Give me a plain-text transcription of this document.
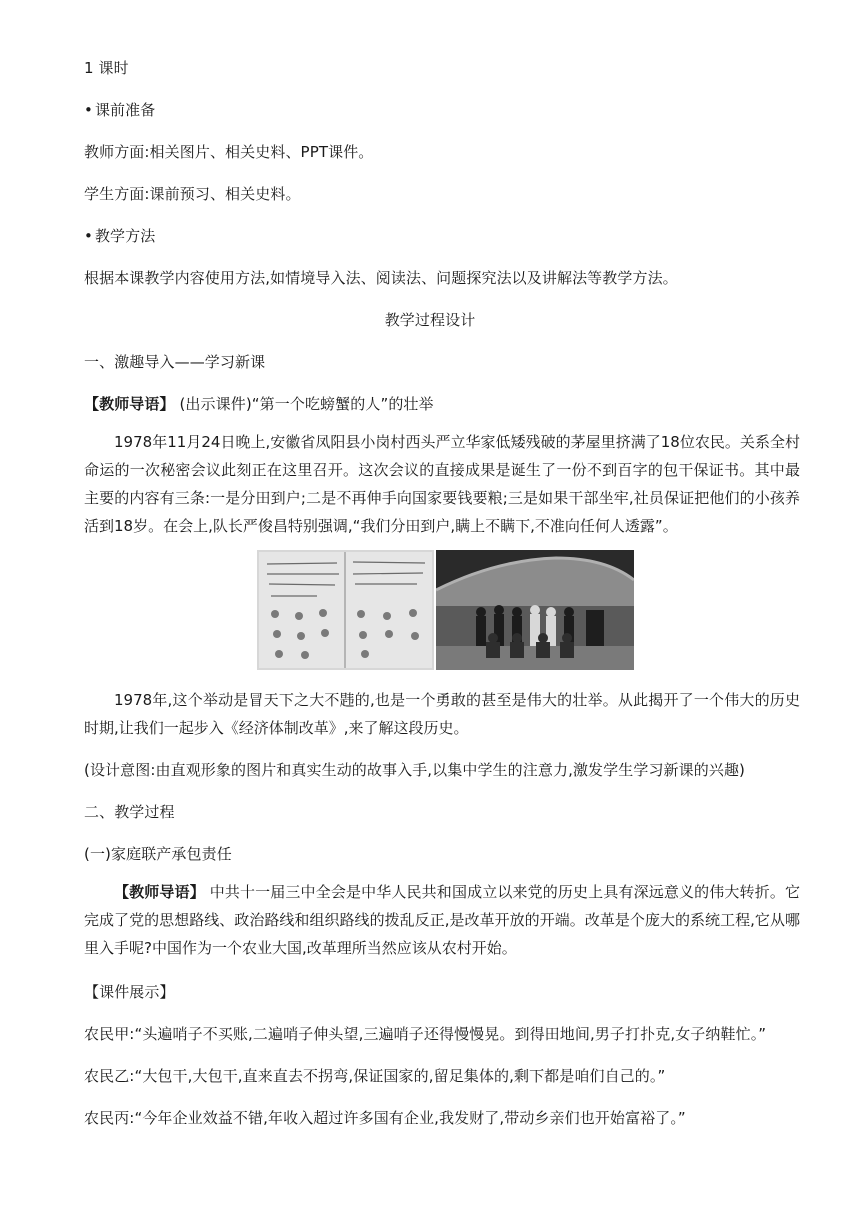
1 课时
• 课前准备
教师方面:相关图片、相关史料、PPT课件。
学生方面:课前预习、相关史料。
• 教学方法
根据本课教学内容使用方法,如情境导入法、阅读法、问题探究法以及讲解法等教学方法。
教学过程设计
一、激趣导入——学习新课
【教师导语】 (出示课件)“第一个吃螃蟹的人”的壮举
1978年11月24日晚上,安徽省凤阳县小岗村西头严立华家低矮残破的茅屋里挤满了18位农民。关系全村命运的一次秘密会议此刻正在这里召开。这次会议的直接成果是诞生了一份不到百字的包干保证书。其中最主要的内容有三条:一是分田到户;二是不再伸手向国家要钱要粮;三是如果干部坐牢,社员保证把他们的小孩养活到18岁。在会上,队长严俊昌特别强调,“我们分田到户,瞒上不瞒下,不准向任何人透露”。
1978年,这个举动是冒天下之大不韪的,也是一个勇敢的甚至是伟大的壮举。从此揭开了一个伟大的历史时期,让我们一起步入《经济体制改革》,来了解这段历史。
(设计意图:由直观形象的图片和真实生动的故事入手,以集中学生的注意力,激发学生学习新课的兴趣)
二、教学过程
(一)家庭联产承包责任
【教师导语】 中共十一届三中全会是中华人民共和国成立以来党的历史上具有深远意义的伟大转折。它完成了党的思想路线、政治路线和组织路线的拨乱反正,是改革开放的开端。改革是个庞大的系统工程,它从哪里入手呢?中国作为一个农业大国,改革理所当然应该从农村开始。
【课件展示】
农民甲:“头遍哨子不买账,二遍哨子伸头望,三遍哨子还得慢慢晃。到得田地间,男子打扑克,女子纳鞋忙。”
农民乙:“大包干,大包干,直来直去不拐弯,保证国家的,留足集体的,剩下都是咱们自己的。”
农民丙:“今年企业效益不错,年收入超过许多国有企业,我发财了,带动乡亲们也开始富裕了。”
